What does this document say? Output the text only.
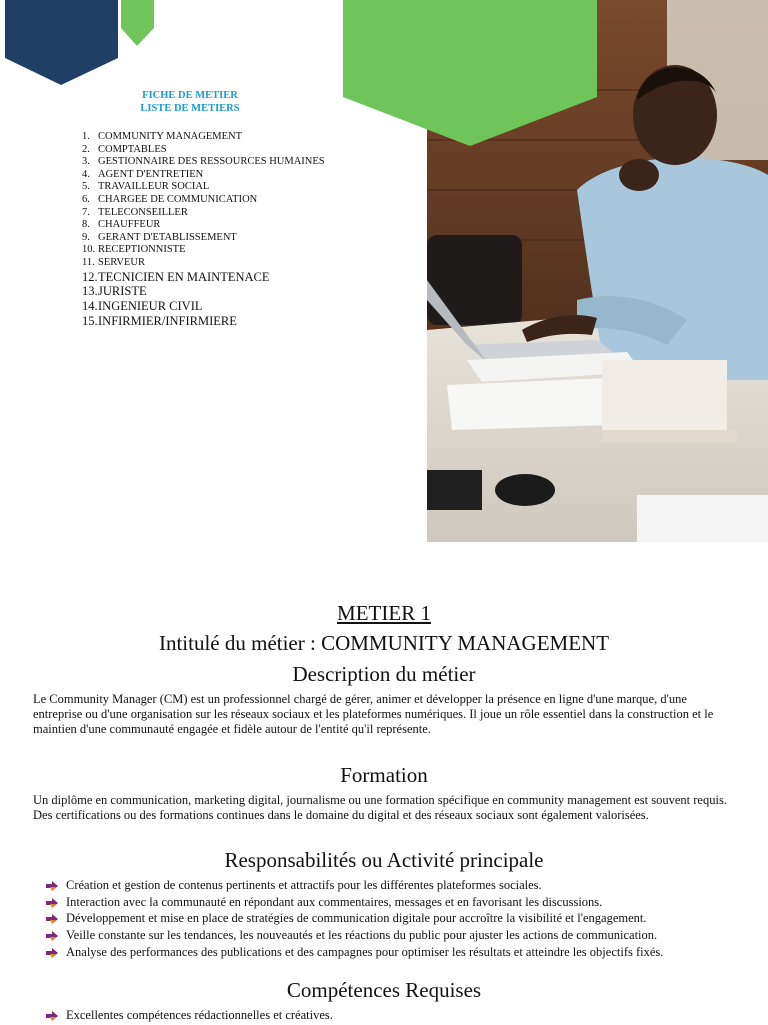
FICHE DE METIER
LISTE DE METIERS
1. COMMUNITY MANAGEMENT
2. COMPTABLES
3. GESTIONNAIRE DES RESSOURCES HUMAINES
4. AGENT D'ENTRETIEN
5. TRAVAILLEUR SOCIAL
6. CHARGEE DE COMMUNICATION
7. TELECONSEILLER
8. CHAUFFEUR
9. GERANT D'ETABLISSEMENT
10. RECEPTIONNISTE
11. SERVEUR
12. TECNICIEN EN MAINTENACE
13. JURISTE
14. INGENIEUR CIVIL
15. INFIRMIER/INFIRMIERE
METIER 1
Intitulé du métier : COMMUNITY MANAGEMENT
Description du métier

Le Community Manager (CM) est un professionnel chargé de gérer, animer et développer la présence en ligne d'une marque, d'une entreprise ou d'une organisation sur les réseaux sociaux et les plateformes numériques. Il joue un rôle essentiel dans la construction et le maintien d'une communauté engagée et fidèle autour de l'entité qu'il représente.

Formation

Un diplôme en communication, marketing digital, journalisme ou une formation spécifique en community management est souvent requis. Des certifications ou des formations continues dans le domaine du digital et des réseaux sociaux sont également valorisées.

Responsabilités ou Activité principale
Création et gestion de contenus pertinents et attractifs pour les différentes plateformes sociales.
Interaction avec la communauté en répondant aux commentaires, messages et en favorisant les discussions.
Développement et mise en place de stratégies de communication digitale pour accroître la visibilité et l'engagement.
Veille constante sur les tendances, les nouveautés et les réactions du public pour ajuster les actions de communication.
Analyse des performances des publications et des campagnes pour optimiser les résultats et atteindre les objectifs fixés.
Compétences Requises
Excellentes compétences rédactionnelles et créatives.
